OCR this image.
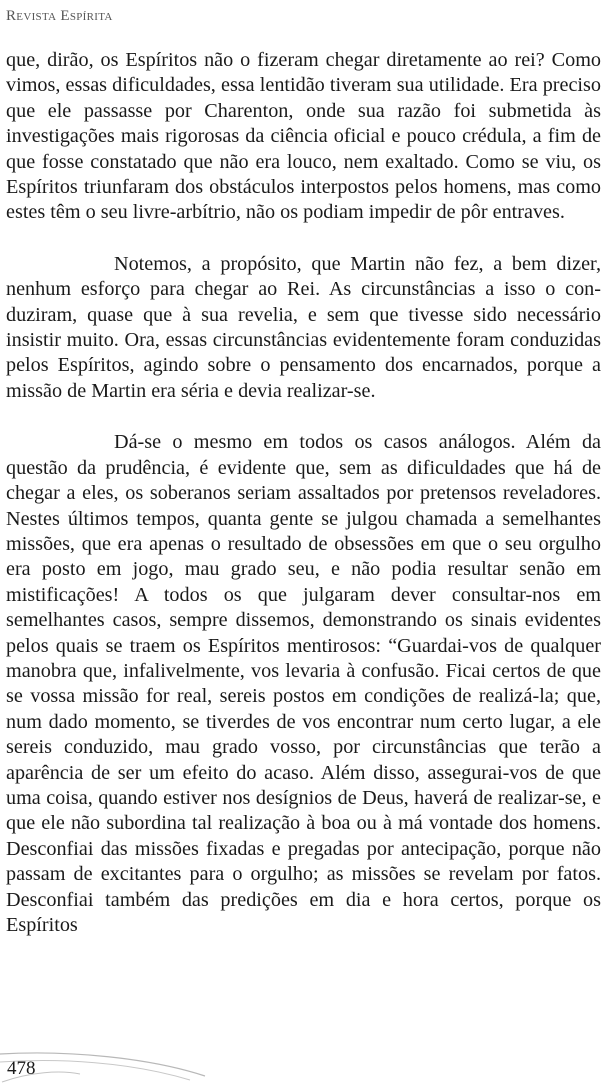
Revista Espírita

que, dirão, os Espíritos não o fizeram chegar diretamente ao rei? Como vimos, essas dificuldades, essa lentidão tiveram sua utilidade. Era preciso que ele passasse por Charenton, onde sua razão foi submetida às investigações mais rigorosas da ciência oficial e pouco crédula, a fim de que fosse constatado que não era louco, nem exaltado. Como se viu, os Espíritos triunfaram dos obstáculos interpostos pelos homens, mas como estes têm o seu livre-arbítrio, não os podiam impedir de pôr entraves.

Notemos, a propósito, que Martin não fez, a bem dizer, nenhum esforço para chegar ao Rei. As circunstâncias a isso o conduziram, quase que à sua revelia, e sem que tivesse sido necessário insistir muito. Ora, essas circunstâncias evidentemente foram conduzidas pelos Espíritos, agindo sobre o pensamento dos encarnados, porque a missão de Martin era séria e devia realizar-se.

Dá-se o mesmo em todos os casos análogos. Além da questão da prudência, é evidente que, sem as dificuldades que há de chegar a eles, os soberanos seriam assaltados por pretensos reveladores. Nestes últimos tempos, quanta gente se julgou chamada a semelhantes missões, que era apenas o resultado de obsessões em que o seu orgulho era posto em jogo, mau grado seu, e não podia resultar senão em mistificações! A todos os que julgaram dever consultar-nos em semelhantes casos, sempre dissemos, demonstrando os sinais evidentes pelos quais se traem os Espíritos mentirosos: “Guardai-vos de qualquer manobra que, infalivelmente, vos levaria à confusão. Ficai certos de que se vossa missão for real, sereis postos em condições de realizá-la; que, num dado momento, se tiverdes de vos encontrar num certo lugar, a ele sereis conduzido, mau grado vosso, por circunstâncias que terão a aparência de ser um efeito do acaso. Além disso, assegurai-vos de que uma coisa, quando estiver nos desígnios de Deus, haverá de realizar-se, e que ele não subordina tal realização à boa ou à má vontade dos homens. Desconfiai das missões fixadas e pregadas por antecipação, porque não passam de excitantes para o orgulho; as missões se revelam por fatos. Desconfiai também das predições em dia e hora certos, porque os Espíritos

478
